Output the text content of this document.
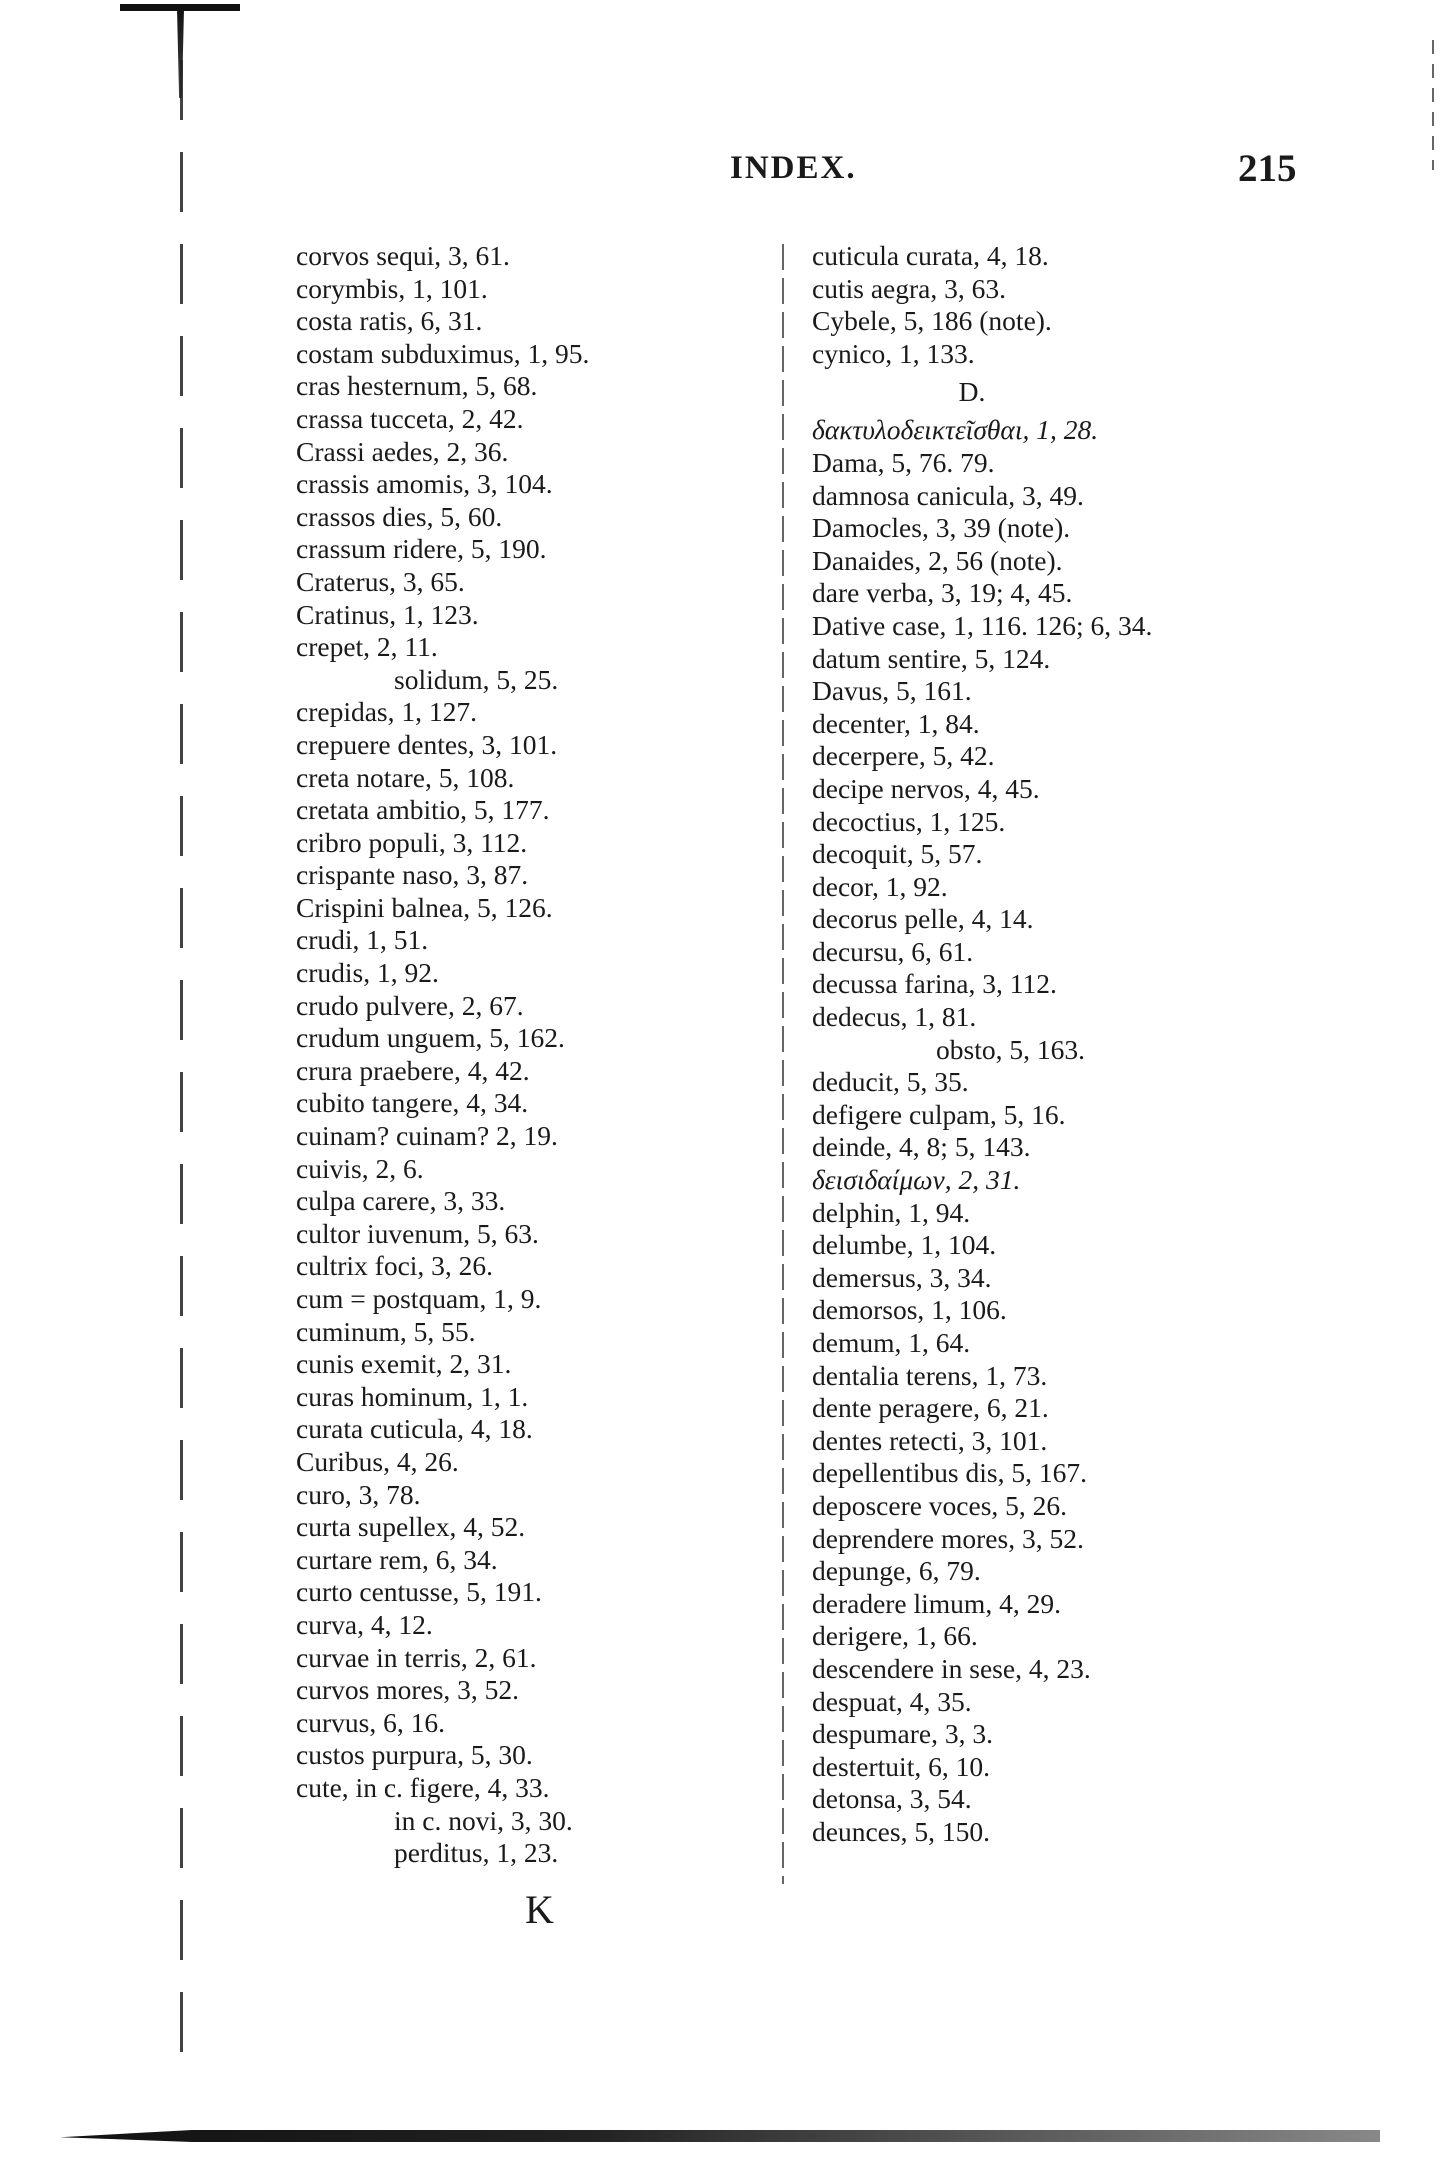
INDEX.	215
corvos sequi, 3, 61.
corymbis, 1, 101.
costa ratis, 6, 31.
costam subduximus, 1, 95.
cras hesternum, 5, 68.
crassa tucceta, 2, 42.
Crassi aedes, 2, 36.
crassis amomis, 3, 104.
crassos dies, 5, 60.
crassum ridere, 5, 190.
Craterus, 3, 65.
Cratinus, 1, 123.
crepet, 2, 11.
solidum, 5, 25.
crepidas, 1, 127.
crepuere dentes, 3, 101.
creta notare, 5, 108.
cretata ambitio, 5, 177.
cribro populi, 3, 112.
crispante naso, 3, 87.
Crispini balnea, 5, 126.
crudi, 1, 51.
crudis, 1, 92.
crudo pulvere, 2, 67.
crudum unguem, 5, 162.
crura praebere, 4, 42.
cubito tangere, 4, 34.
cuinam? cuinam? 2, 19.
cuivis, 2, 6.
culpa carere, 3, 33.
cultor iuvenum, 5, 63.
cultrix foci, 3, 26.
cum = postquam, 1, 9.
cuminum, 5, 55.
cunis exemit, 2, 31.
curas hominum, 1, 1.
curata cuticula, 4, 18.
Curibus, 4, 26.
curo, 3, 78.
curta supellex, 4, 52.
curtare rem, 6, 34.
curto centusse, 5, 191.
curva, 4, 12.
curvae in terris, 2, 61.
curvos mores, 3, 52.
curvus, 6, 16.
custos purpura, 5, 30.
cute, in c. figere, 4, 33.
in c. novi, 3, 30.
perditus, 1, 23.
cuticula curata, 4, 18.
cutis aegra, 3, 63.
Cybele, 5, 186 (note).
cynico, 1, 133.
D.
δακτυλοδεικτεῖσθαι, 1, 28.
Dama, 5, 76. 79.
damnosa canicula, 3, 49.
Damocles, 3, 39 (note).
Danaides, 2, 56 (note).
dare verba, 3, 19; 4, 45.
Dative case, 1, 116. 126; 6, 34.
datum sentire, 5, 124.
Davus, 5, 161.
decenter, 1, 84.
decerpere, 5, 42.
decipe nervos, 4, 45.
decoctius, 1, 125.
decoquit, 5, 57.
decor, 1, 92.
decorus pelle, 4, 14.
decursu, 6, 61.
decussa farina, 3, 112.
dedecus, 1, 81.
obsto, 5, 163.
deducit, 5, 35.
defigere culpam, 5, 16.
deinde, 4, 8; 5, 143.
δεισιδαίμων, 2, 31.
delphin, 1, 94.
delumbe, 1, 104.
demersus, 3, 34.
demorsos, 1, 106.
demum, 1, 64.
dentalia terens, 1, 73.
dente peragere, 6, 21.
dentes retecti, 3, 101.
depellentibus dis, 5, 167.
deposcere voces, 5, 26.
deprendere mores, 3, 52.
depunge, 6, 79.
deradere limum, 4, 29.
derigere, 1, 66.
descendere in sese, 4, 23.
despuat, 4, 35.
despumare, 3, 3.
destertuit, 6, 10.
detonsa, 3, 54.
deunces, 5, 150.
K
